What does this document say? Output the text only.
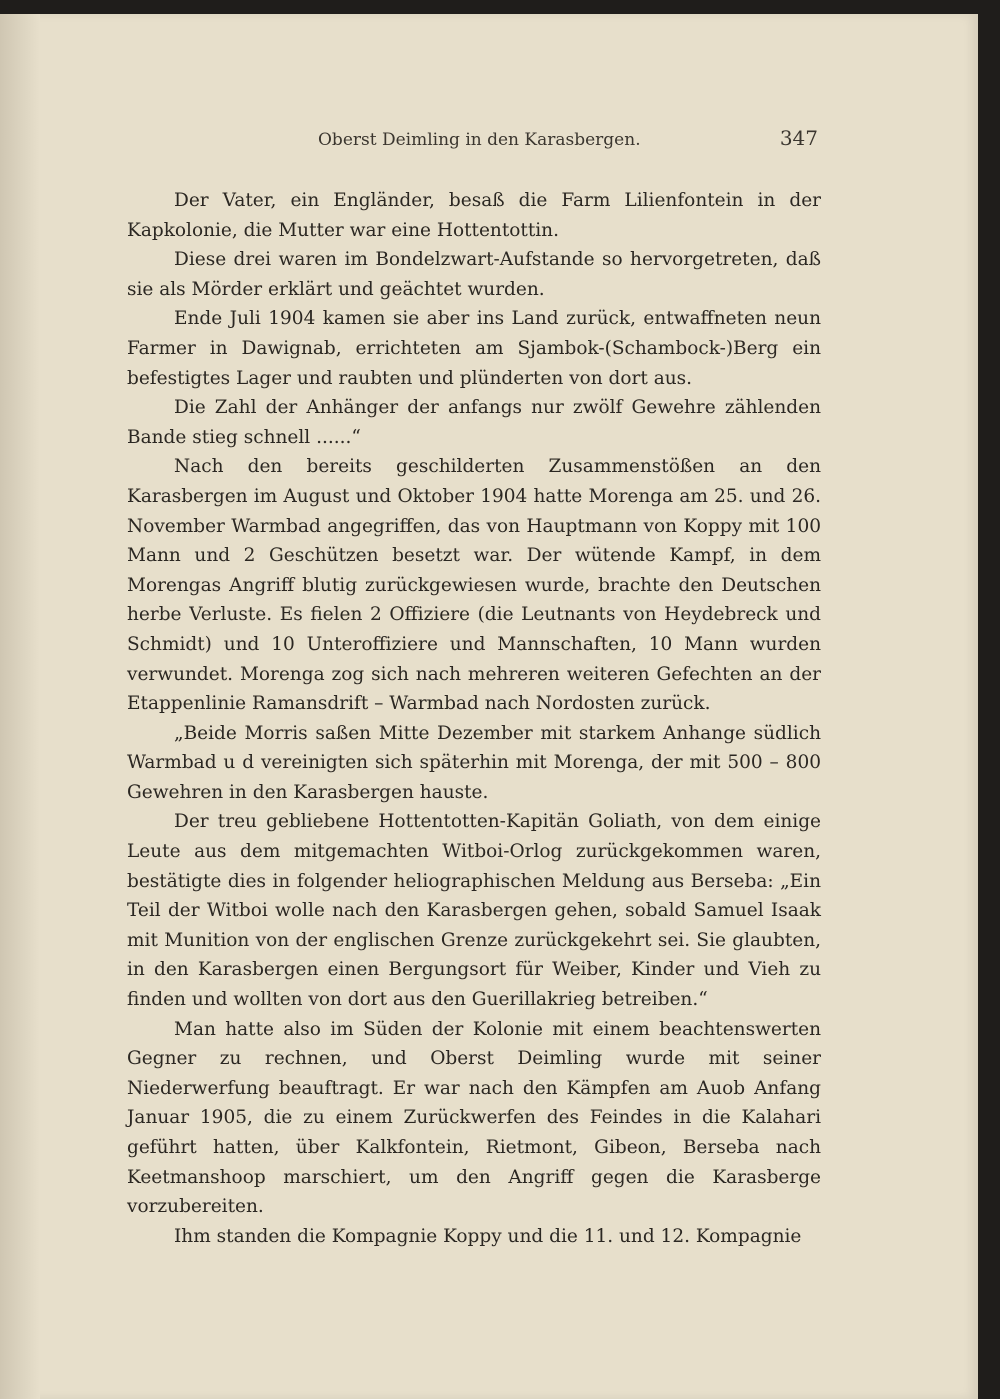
Oberst Deimling in den Karasbergen.	347

Der Vater, ein Engländer, besaß die Farm Lilienfontein in der Kapkolonie, die Mutter war eine Hottentottin.

Diese drei waren im Bondelzwart-Aufstande so hervorgetreten, daß sie als Mörder erklärt und geächtet wurden.

Ende Juli 1904 kamen sie aber ins Land zurück, entwaffneten neun Farmer in Dawignab, errichteten am Sjambok-(Schambock-)Berg ein befestigtes Lager und raubten und plünderten von dort aus.

Die Zahl der Anhänger der anfangs nur zwölf Gewehre zählenden Bande stieg schnell ......“

Nach den bereits geschilderten Zusammenstößen an den Karasbergen im August und Oktober 1904 hatte Morenga am 25. und 26. November Warmbad angegriffen, das von Hauptmann von Koppy mit 100 Mann und 2 Geschützen besetzt war. Der wütende Kampf, in dem Morengas Angriff blutig zurückgewiesen wurde, brachte den Deutschen herbe Verluste. Es fielen 2 Offiziere (die Leutnants von Heydebreck und Schmidt) und 10 Unteroffiziere und Mannschaften, 10 Mann wurden verwundet. Morenga zog sich nach mehreren weiteren Gefechten an der Etappenlinie Ramansdrift – Warmbad nach Nordosten zurück.

„Beide Morris saßen Mitte Dezember mit starkem Anhange südlich Warmbad u d vereinigten sich späterhin mit Morenga, der mit 500 – 800 Gewehren in den Karasbergen hauste.

Der treu gebliebene Hottentotten-Kapitän Goliath, von dem einige Leute aus dem mitgemachten Witboi-Orlog zurückgekommen waren, bestätigte dies in folgender heliographischen Meldung aus Berseba: „Ein Teil der Witboi wolle nach den Karasbergen gehen, sobald Samuel Isaak mit Munition von der englischen Grenze zurückgekehrt sei. Sie glaubten, in den Karasbergen einen Bergungsort für Weiber, Kinder und Vieh zu finden und wollten von dort aus den Guerillakrieg betreiben.“

Man hatte also im Süden der Kolonie mit einem beachtenswerten Gegner zu rechnen, und Oberst Deimling wurde mit seiner Niederwerfung beauftragt. Er war nach den Kämpfen am Auob Anfang Januar 1905, die zu einem Zurückwerfen des Feindes in die Kalahari geführt hatten, über Kalkfontein, Rietmont, Gibeon, Berseba nach Keetmanshoop marschiert, um den Angriff gegen die Karasberge vorzubereiten.

Ihm standen die Kompagnie Koppy und die 11. und 12. Kompagnie
